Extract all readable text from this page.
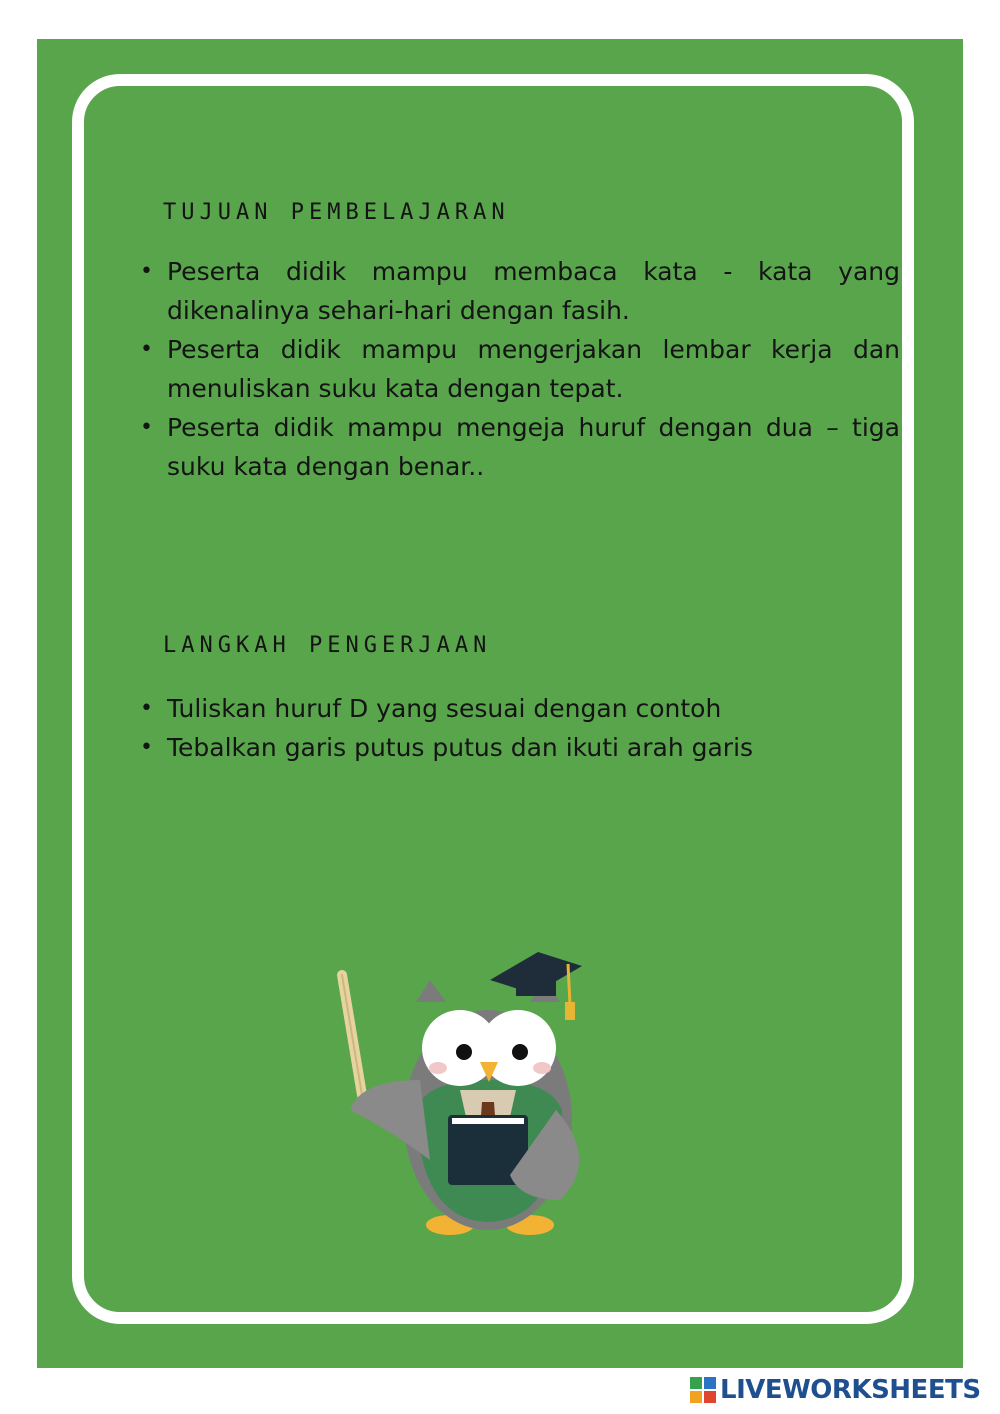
TUJUAN PEMBELAJARAN
• Peserta didik mampu membaca kata - kata yang dikenalinya sehari-hari dengan fasih.
• Peserta didik mampu mengerjakan lembar kerja dan menuliskan suku kata dengan tepat.
• Peserta didik mampu mengeja huruf dengan dua – tiga suku kata dengan benar..
LANGKAH PENGERJAAN
• Tuliskan huruf D yang sesuai dengan contoh
• Tebalkan garis putus putus dan ikuti arah garis
LIVEWORKSHEETS
